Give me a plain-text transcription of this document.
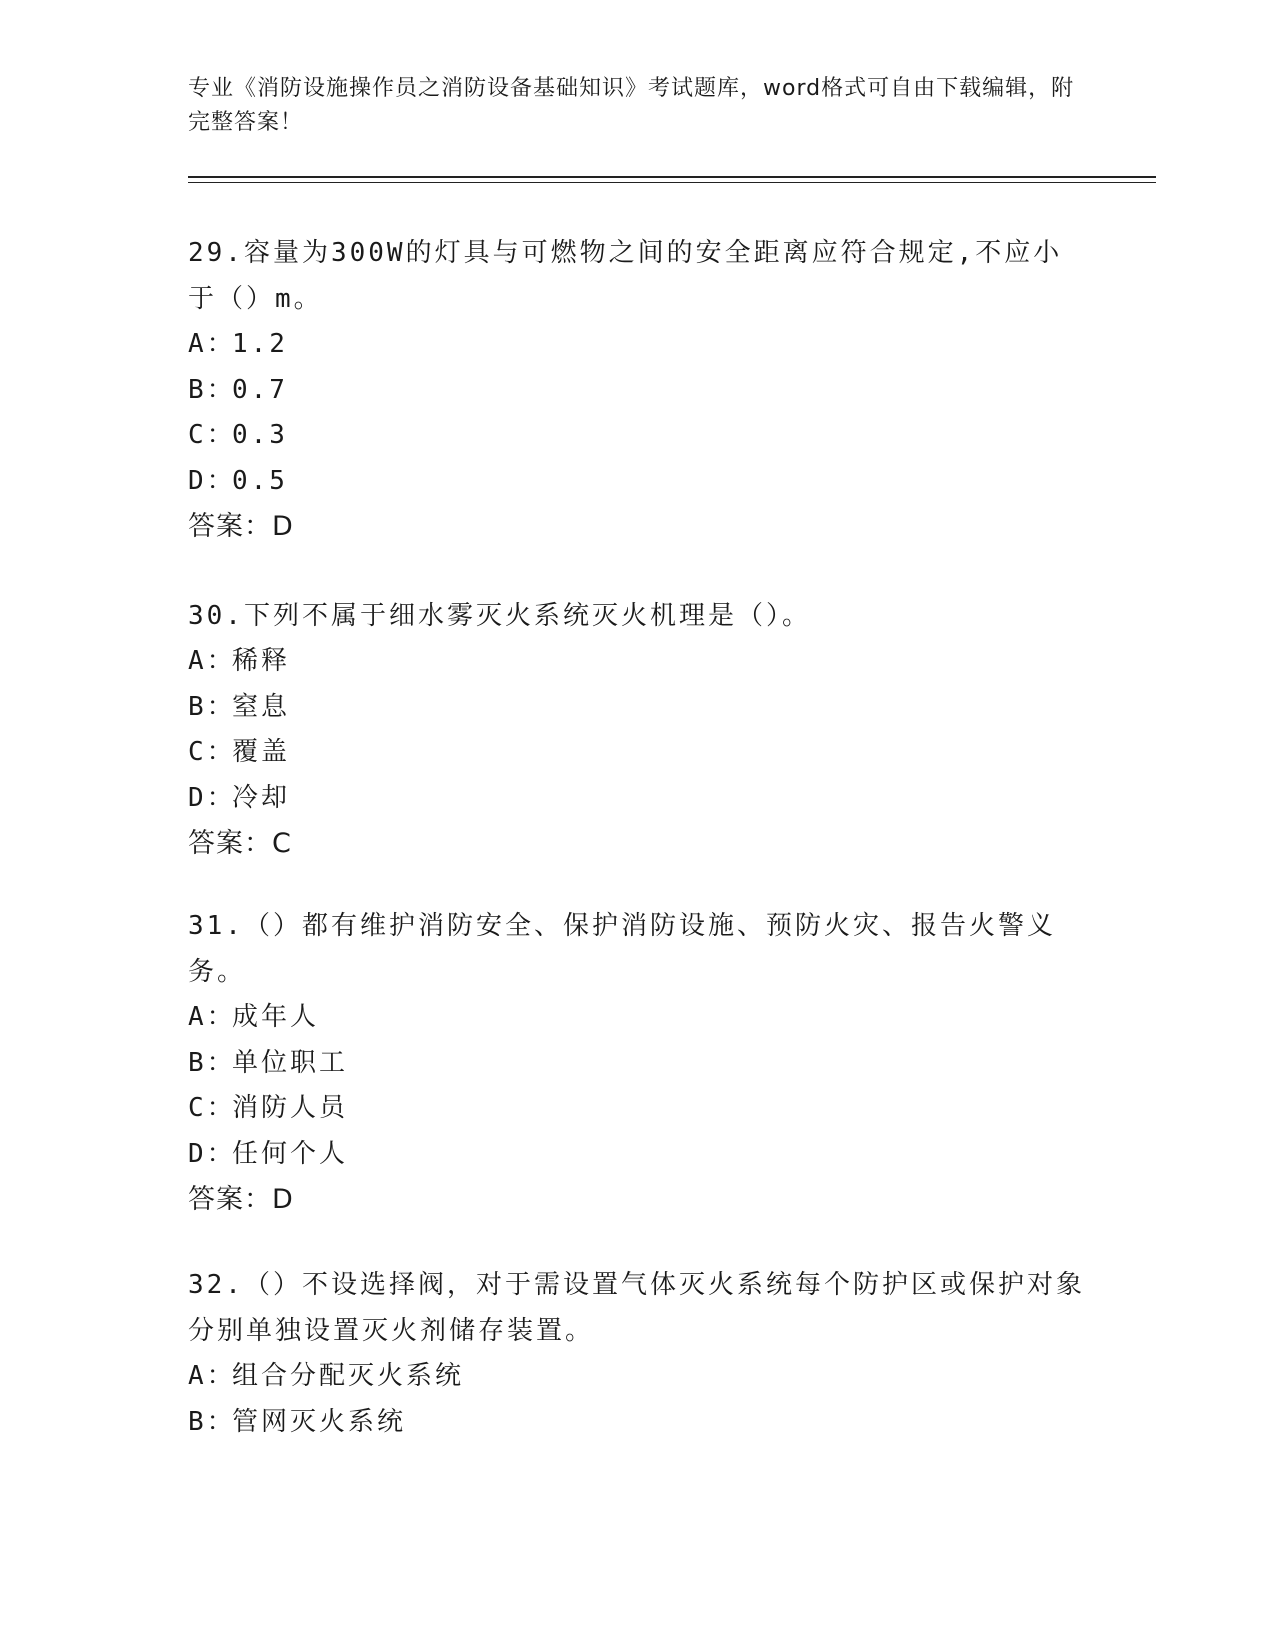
专业《消防设施操作员之消防设备基础知识》考试题库，word格式可自由下载编辑，附完整答案！

29.容量为300W的灯具与可燃物之间的安全距离应符合规定,不应小于（）m。

A：1.2

B：0.7

C：0.3

D：0.5

答案：D

30.下列不属于细水雾灭火系统灭火机理是（）。

A：稀释

B：窒息

C：覆盖

D：冷却

答案：C

31.（）都有维护消防安全、保护消防设施、预防火灾、报告火警义务。

A：成年人

B：单位职工

C：消防人员

D：任何个人

答案：D

32.（）不设选择阀，对于需设置气体灭火系统每个防护区或保护对象分别单独设置灭火剂储存装置。

A：组合分配灭火系统

B：管网灭火系统
